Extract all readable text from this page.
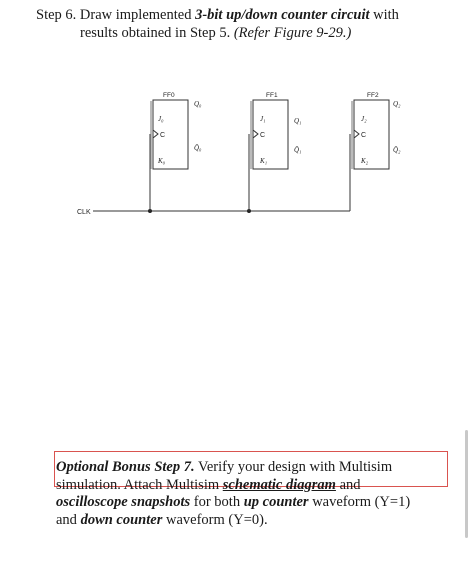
Step 6. Draw implemented 3-bit up/down counter circuit with
results obtained in Step 5. (Refer Figure 9-29.)
CLK
FF0
J₀
C
K₀
Q₀
Q̄₀
FF1
J₁
C
K₁
Q₁
Q̄₁
FF2
J₂
C
K₂
Q₂
Q̄₂
Optional Bonus Step 7. Verify your design with Multisim
simulation. Attach Multisim schematic diagram and
oscilloscope snapshots for both up counter waveform (Y=1)
and down counter waveform (Y=0).
